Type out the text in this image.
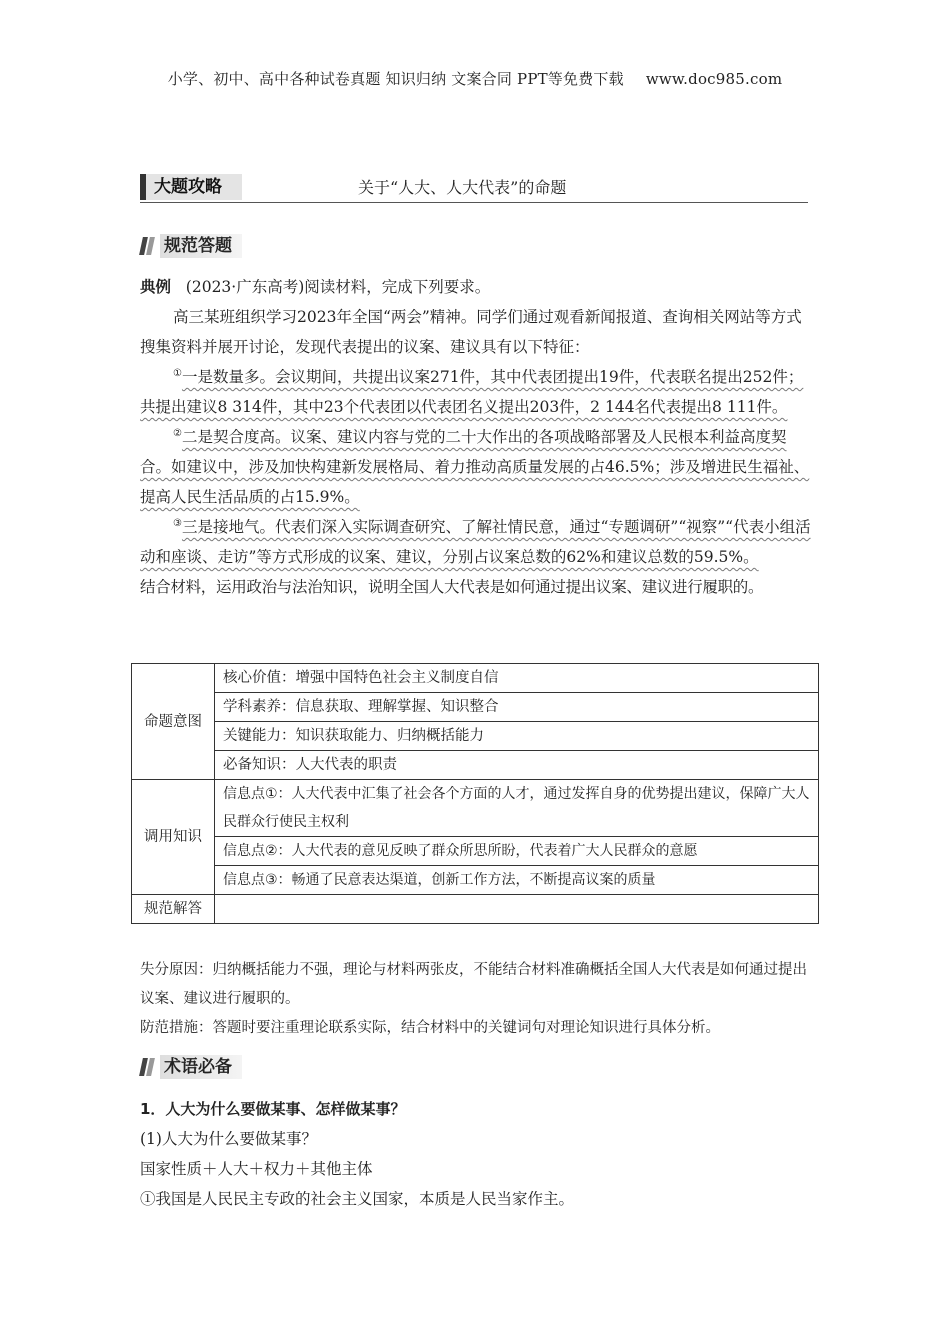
小学、初中、高中各种试卷真题 知识归纳 文案合同 PPT等免费下载 www.doc985.com
大题攻略	关于“人大、人大代表”的命题
规范答题

典例 (2023·广东高考)阅读材料，完成下列要求。

高三某班组织学习2023年全国“两会”精神。同学们通过观看新闻报道、查询相关网站等方式搜集资料并展开讨论，发现代表提出的议案、建议具有以下特征：

①一是数量多。会议期间，共提出议案271件，其中代表团提出19件，代表联名提出252件；共提出建议8 314件，其中23个代表团以代表团名义提出203件，2 144名代表提出8 111件。

②二是契合度高。议案、建议内容与党的二十大作出的各项战略部署及人民根本利益高度契合。如建议中，涉及加快构建新发展格局、着力推动高质量发展的占46.5%；涉及增进民生福祉、提高人民生活品质的占15.9%。

③三是接地气。代表们深入实际调查研究、了解社情民意，通过“专题调研”“视察”“代表小组活动和座谈、走访”等方式形成的议案、建议，分别占议案总数的62%和建议总数的59.5%。

结合材料，运用政治与法治知识，说明全国人大代表是如何通过提出议案、建议进行履职的。

命题意图	核心价值：增强中国特色社会主义制度自信
	学科素养：信息获取、理解掌握、知识整合
	关键能力：知识获取能力、归纳概括能力
	必备知识：人大代表的职责
调用知识	信息点①：人大代表中汇集了社会各个方面的人才，通过发挥自身的优势提出建议，保障广大人民群众行使民主权利
	信息点②：人大代表的意见反映了群众所思所盼，代表着广大人民群众的意愿
	信息点③：畅通了民意表达渠道，创新工作方法，不断提高议案的质量
规范解答	

失分原因：归纳概括能力不强，理论与材料两张皮，不能结合材料准确概括全国人大代表是如何通过提出议案、建议进行履职的。

防范措施：答题时要注重理论联系实际，结合材料中的关键词句对理论知识进行具体分析。

术语必备

1．人大为什么要做某事、怎样做某事？

(1)人大为什么要做某事？

国家性质＋人大＋权力＋其他主体

①我国是人民民主专政的社会主义国家，本质是人民当家作主。
